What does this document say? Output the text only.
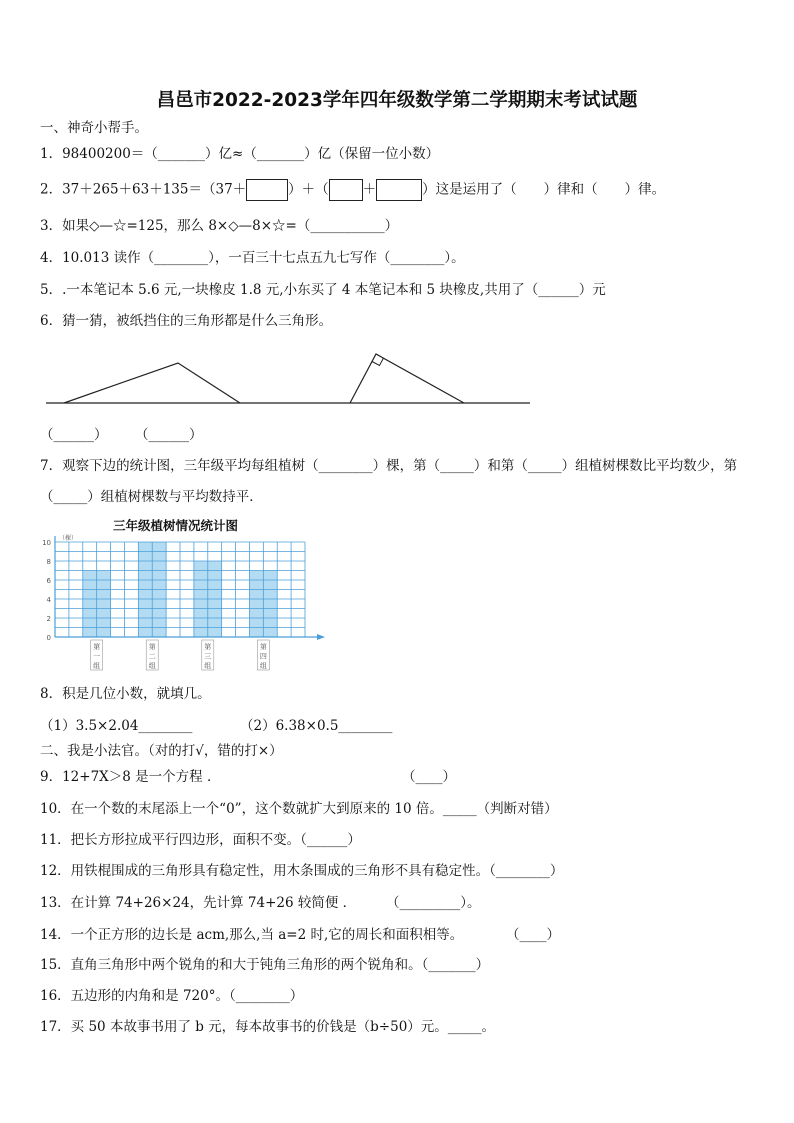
昌邑市2022-2023学年四年级数学第二学期期末考试试题
一、神奇小帮手。
1．98400200＝（_______）亿≈（_______）亿（保留一位小数）
2．37＋265＋63＋135＝（37＋	）＋（	＋	）这是运用了（　　）律和（　　）律。
3．如果◇—☆=125，那么 8×◇—8×☆=（___________）
4．10.013 读作（________），一百三十七点五九七写作（________）。
5．.一本笔记本 5.6 元,一块橡皮 1.8 元,小东买了 4 本笔记本和 5 块橡皮,共用了（______）元
6．猜一猜，被纸挡住的三角形都是什么三角形。
（______） （______）
7．观察下边的统计图，三年级平均每组植树（________）棵，第（_____）和第（_____）组植树棵数比平均数少，第
（_____）组植树棵数与平均数持平．
三年级植树情况统计图
（棵）
0
2
4
6
8
10
第一组
第二组
第三组
第四组
8．积是几位小数，就填几。
（1）3.5×2.04________	（2）6.38×0.5________
二、我是小法官。（对的打√，错的打×）
9．12+7X＞8 是一个方程 ．	（____）
10．在一个数的末尾添上一个“0”，这个数就扩大到原来的 10 倍。_____（判断对错）
11．把长方形拉成平行四边形，面积不变。（______）
12．用铁棍围成的三角形具有稳定性，用木条围成的三角形不具有稳定性。（________）
13．在计算 74+26×24，先计算 74+26 较简便 ． （_________）。
14．一个正方形的边长是 acm,那么,当 a=2 时,它的周长和面积相等。	（____）
15．直角三角形中两个锐角的和大于钝角三角形的两个锐角和。（_______）
16．五边形的内角和是 720°。（________）
17．买 50 本故事书用了 b 元，每本故事书的价钱是（b÷50）元。_____。
